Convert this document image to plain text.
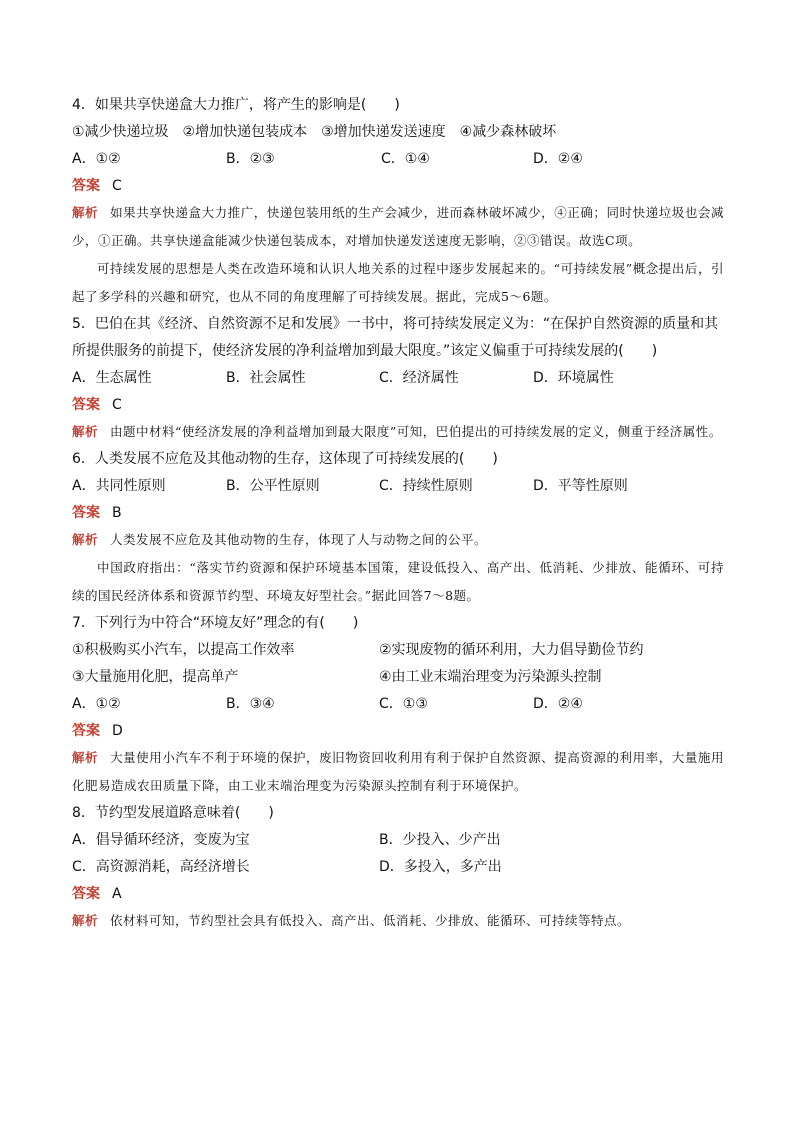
4．如果共享快递盒大力推广，将产生的影响是(　　)
①减少快递垃圾　②增加快递包装成本　③增加快递发送速度　④减少森林破坏
A．①②	B．②③	C．①④	D．②④
答案 C
解析 如果共享快递盒大力推广，快递包装用纸的生产会减少，进而森林破坏减少，④正确；同时快递垃圾也会减少，①正确。共享快递盒能减少快递包装成本，对增加快递发送速度无影响，②③错误。故选C项。
可持续发展的思想是人类在改造环境和认识人地关系的过程中逐步发展起来的。“可持续发展”概念提出后，引起了多学科的兴趣和研究，也从不同的角度理解了可持续发展。据此，完成5～6题。
5．巴伯在其《经济、自然资源不足和发展》一书中，将可持续发展定义为：“在保护自然资源的质量和其
所提供服务的前提下，使经济发展的净利益增加到最大限度。”该定义偏重于可持续发展的(　　)
A．生态属性	B．社会属性	C．经济属性	D．环境属性
答案 C
解析 由题中材料“使经济发展的净利益增加到最大限度”可知，巴伯提出的可持续发展的定义，侧重于经济属性。
6．人类发展不应危及其他动物的生存，这体现了可持续发展的(　　)
A．共同性原则	B．公平性原则	C．持续性原则	D．平等性原则
答案 B
解析 人类发展不应危及其他动物的生存，体现了人与动物之间的公平。
中国政府指出：“落实节约资源和保护环境基本国策，建设低投入、高产出、低消耗、少排放、能循环、可持续的国民经济体系和资源节约型、环境友好型社会。”据此回答7～8题。
7．下列行为中符合“环境友好”理念的有(　　)
①积极购买小汽车，以提高工作效率	②实现废物的循环利用，大力倡导勤俭节约
③大量施用化肥，提高单产	④由工业末端治理变为污染源头控制
A．①②	B．③④	C．①③	D．②④
答案 D
解析 大量使用小汽车不利于环境的保护，废旧物资回收利用有利于保护自然资源、提高资源的利用率，大量施用化肥易造成农田质量下降，由工业末端治理变为污染源头控制有利于环境保护。
8．节约型发展道路意味着(　　)
A．倡导循环经济，变废为宝	B．少投入、少产出
C．高资源消耗，高经济增长	D．多投入，多产出
答案 A
解析 依材料可知，节约型社会具有低投入、高产出、低消耗、少排放、能循环、可持续等特点。
